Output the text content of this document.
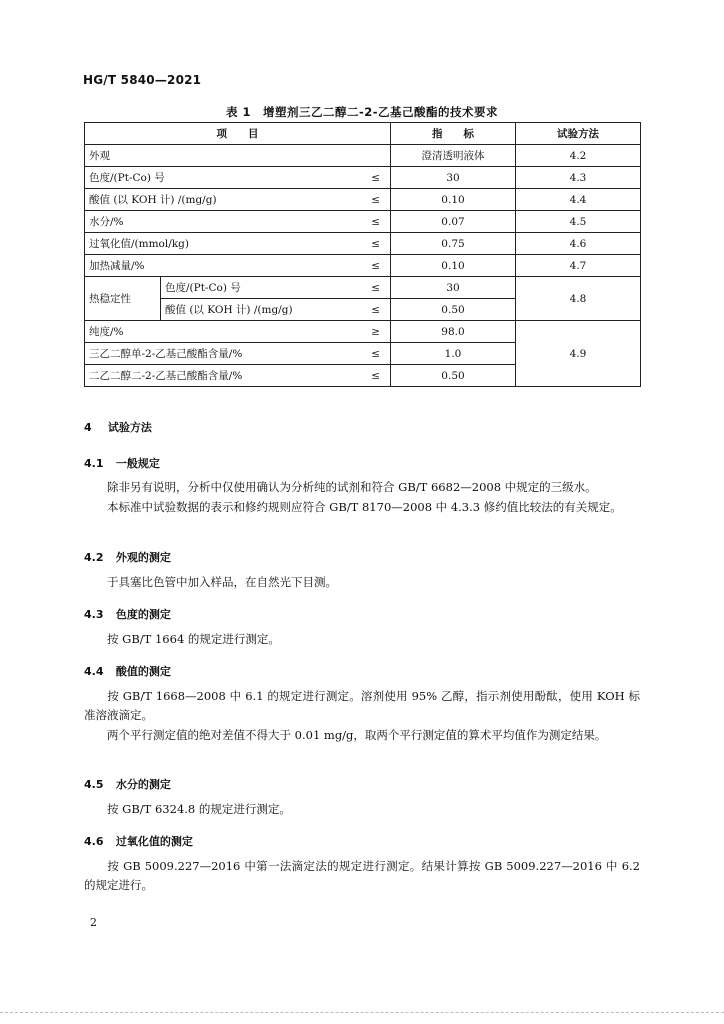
HG/T 5840—2021
表 1　增塑剂三乙二醇二-2-乙基己酸酯的技术要求
项　　目			指　　标	试验方法
外观			澄清透明液体	4.2
色度/(Pt-Co) 号		≤	30	4.3
酸值 (以 KOH 计) /(mg/g)		≤	0.10	4.4
水分/%		≤	0.07	4.5
过氧化值/(mmol/kg)		≤	0.75	4.6
加热减量/%		≤	0.10	4.7
热稳定性	色度/(Pt-Co) 号	≤	30	4.8
	酸值 (以 KOH 计) /(mg/g)	≤	0.50	
纯度/%		≥	98.0	4.9
三乙二醇单-2-乙基己酸酯含量/%		≤	1.0	
二乙二醇二-2-乙基己酸酯含量/%		≤	0.50	
4 试验方法
4.1 一般规定
除非另有说明，分析中仅使用确认为分析纯的试剂和符合 GB/T 6682—2008 中规定的三级水。
本标准中试验数据的表示和修约规则应符合 GB/T 8170—2008 中 4.3.3 修约值比较法的有关规定。
4.2 外观的测定
于具塞比色管中加入样品，在自然光下目测。
4.3 色度的测定
按 GB/T 1664 的规定进行测定。
4.4 酸值的测定
按 GB/T 1668—2008 中 6.1 的规定进行测定。溶剂使用 95% 乙醇，指示剂使用酚酞，使用 KOH 标准溶液滴定。
两个平行测定值的绝对差值不得大于 0.01 mg/g，取两个平行测定值的算术平均值作为测定结果。
4.5 水分的测定
按 GB/T 6324.8 的规定进行测定。
4.6 过氧化值的测定
按 GB 5009.227—2016 中第一法滴定法的规定进行测定。结果计算按 GB 5009.227—2016 中 6.2 的规定进行。
2
